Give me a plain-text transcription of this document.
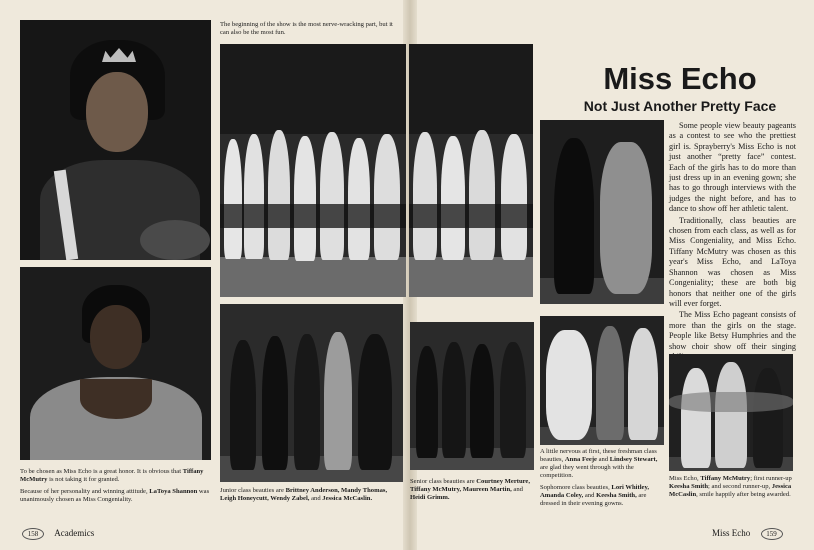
To be chosen as Miss Echo is a great honor. It is obvious that Tiffany McMutry is not taking it for granted.
Because of her personality and winning attitude, LaToya Shannon was unanimously chosen as Miss Congeniality.
The beginning of the show is the most nerve-wracking part, but it can also be the most fun.
Junior class beauties are Brittney Anderson, Mandy Thomas, Leigh Honeycutt, Wendy Zabel, and Jessica McCaslin.
158 Academics
Senior class beauties are Courtney Merture, Tiffany McMutry, Maureen Martin, and Heidi Grimm.
Miss Echo
Not Just Another Pretty Face

Some people view beauty pageants as a contest to see who the prettiest girl is. Sprayberry's Miss Echo is not just another “pretty face” contest. Each of the girls has to do more than just dress up in an evening gown; she has to go through interviews with the judges the night before, and has to dance to show off her athletic talent.

Traditionally, class beauties are chosen from each class, as well as for Miss Congeniality, and Miss Echo. Tiffany McMutry was chosen as this year's Miss Echo, and LaToya Shannon was chosen as Miss Congeniality; these are both big honors that neither one of the girls will ever forget.

The Miss Echo pageant consists of more than the girls on the stage. People like Betsy Humphries and the show choir show off their singing

A little nervous at first, these freshman class beauties, Anna Feeje and Lindsey Stewart, are glad they went through with the competition.
Sophomore class beauties, Lori Whitley, Amanda Coley, and Keesha Smith, are dressed in their evening gowns.
Miss Echo, Tiffany McMutry; first runner-up Keesha Smith; and second runner-up, Jessica McCaslin, smile happily after being awarded.
Miss Echo 159
